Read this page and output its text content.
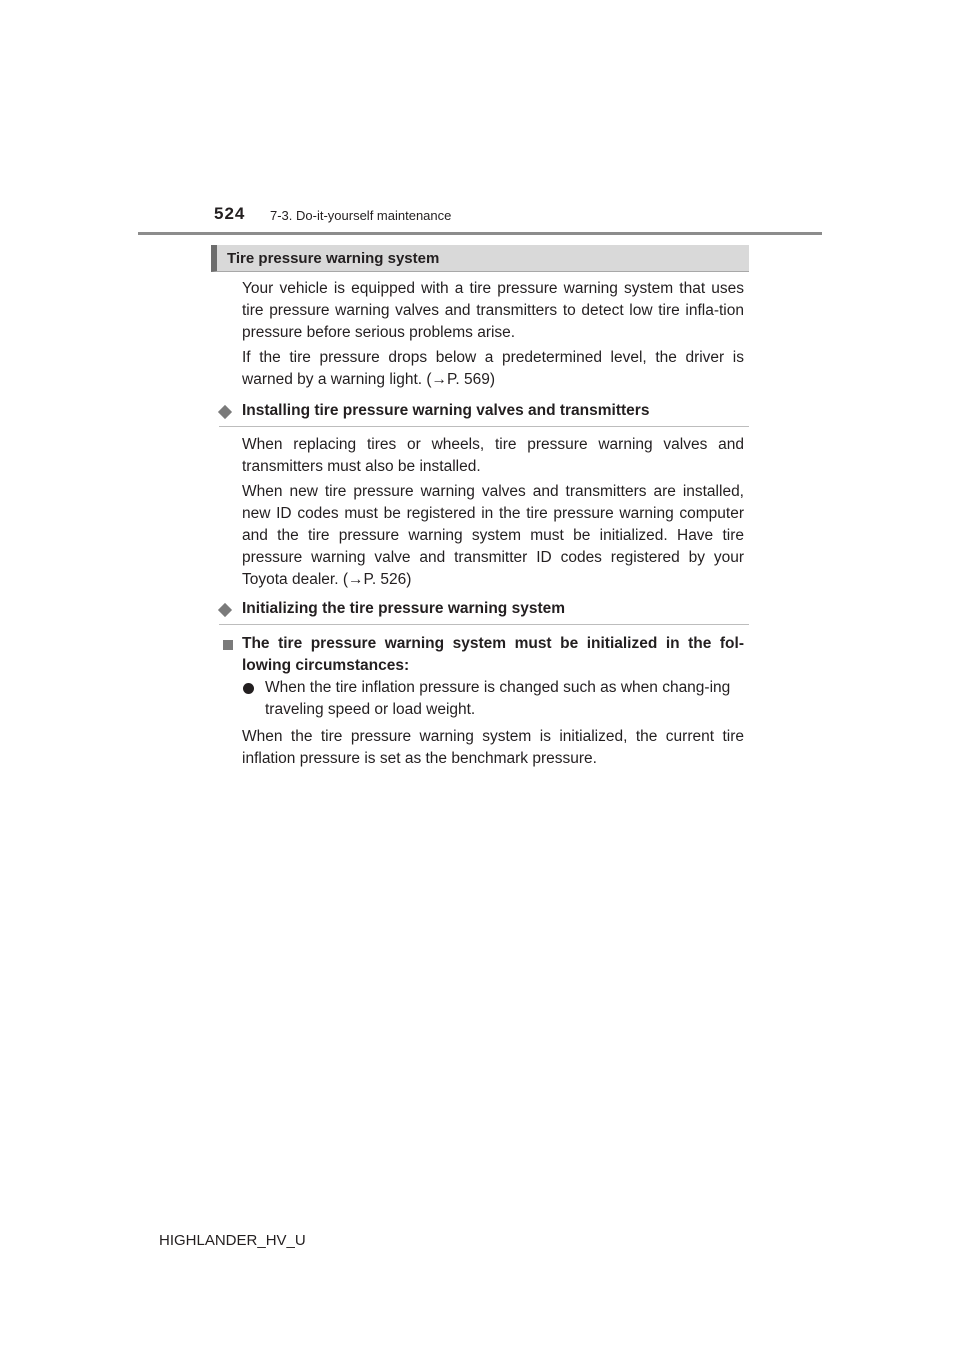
524 7-3. Do-it-yourself maintenance
Tire pressure warning system

Your vehicle is equipped with a tire pressure warning system that uses tire pressure warning valves and transmitters to detect low tire infla-tion pressure before serious problems arise.

If the tire pressure drops below a predetermined level, the driver is warned by a warning light. (→P. 569)

Installing tire pressure warning valves and transmitters

When replacing tires or wheels, tire pressure warning valves and transmitters must also be installed.

When new tire pressure warning valves and transmitters are installed, new ID codes must be registered in the tire pressure warning computer and the tire pressure warning system must be initialized. Have tire pressure warning valve and transmitter ID codes registered by your Toyota dealer. (→P. 526)

Initializing the tire pressure warning system

The tire pressure warning system must be initialized in the fol-lowing circumstances:

When the tire inflation pressure is changed such as when chang-ing traveling speed or load weight.

When the tire pressure warning system is initialized, the current tire inflation pressure is set as the benchmark pressure.

HIGHLANDER_HV_U
